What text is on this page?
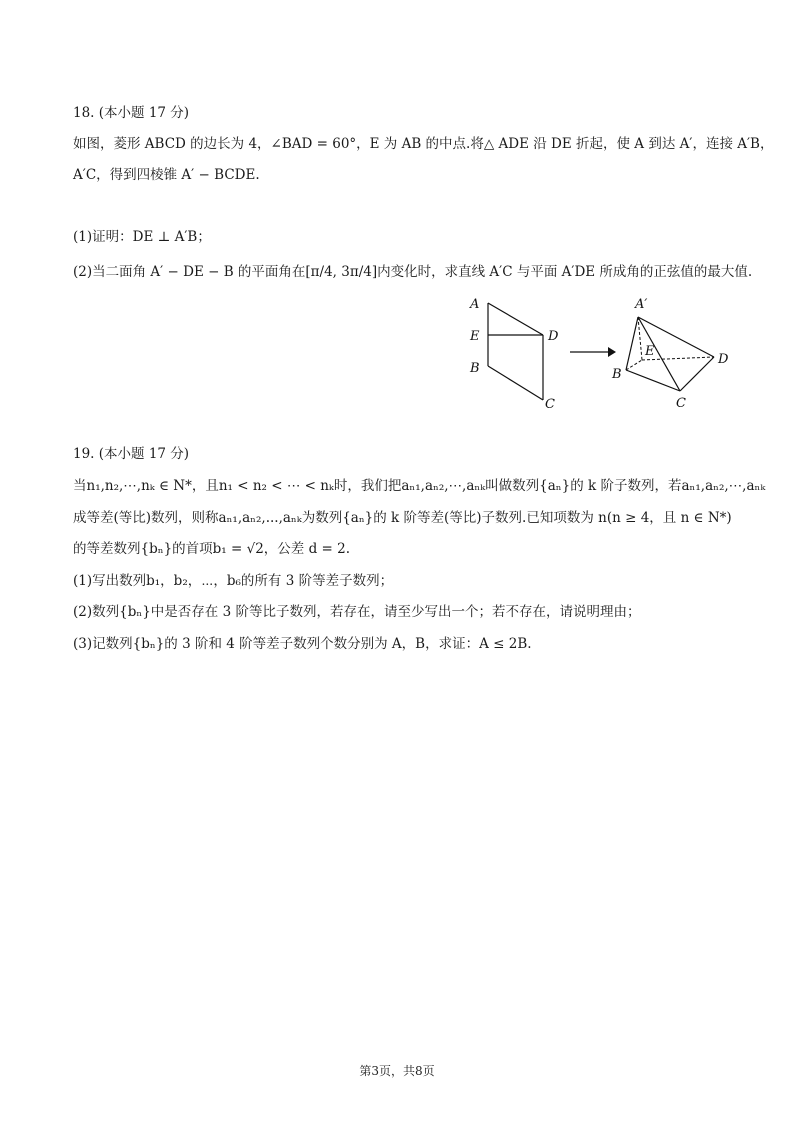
18. (本小题 17 分)
如图，菱形 ABCD 的边长为 4，∠BAD = 60°，E 为 AB 的中点.将△ ADE 沿 DE 折起，使 A 到达 A′，连接 A′B，
A′C，得到四棱锥 A′ − BCDE.
(1)证明：DE ⊥ A′B；
(2)当二面角 A′ − DE − B 的平面角在[π/4, 3π/4]内变化时，求直线 A′C 与平面 A′DE 所成角的正弦值的最大值.
A
E
B
D
C
A′
E
B
D
C
19. (本小题 17 分)
当n₁,n₂,⋯,nₖ ∈ N*，且n₁ < n₂ < ⋯ < nₖ时，我们把aₙ₁,aₙ₂,⋯,aₙₖ叫做数列{aₙ}的 k 阶子数列，若aₙ₁,aₙ₂,⋯,aₙₖ
成等差(等比)数列，则称aₙ₁,aₙ₂,...,aₙₖ为数列{aₙ}的 k 阶等差(等比)子数列.已知项数为 n(n ≥ 4，且 n ∈ N*)
的等差数列{bₙ}的首项b₁ = √2，公差 d = 2.
(1)写出数列b₁，b₂，⋯，b₆的所有 3 阶等差子数列；
(2)数列{bₙ}中是否存在 3 阶等比子数列，若存在，请至少写出一个；若不存在，请说明理由；
(3)记数列{bₙ}的 3 阶和 4 阶等差子数列个数分别为 A，B，求证：A ≤ 2B.
第3页，共8页
